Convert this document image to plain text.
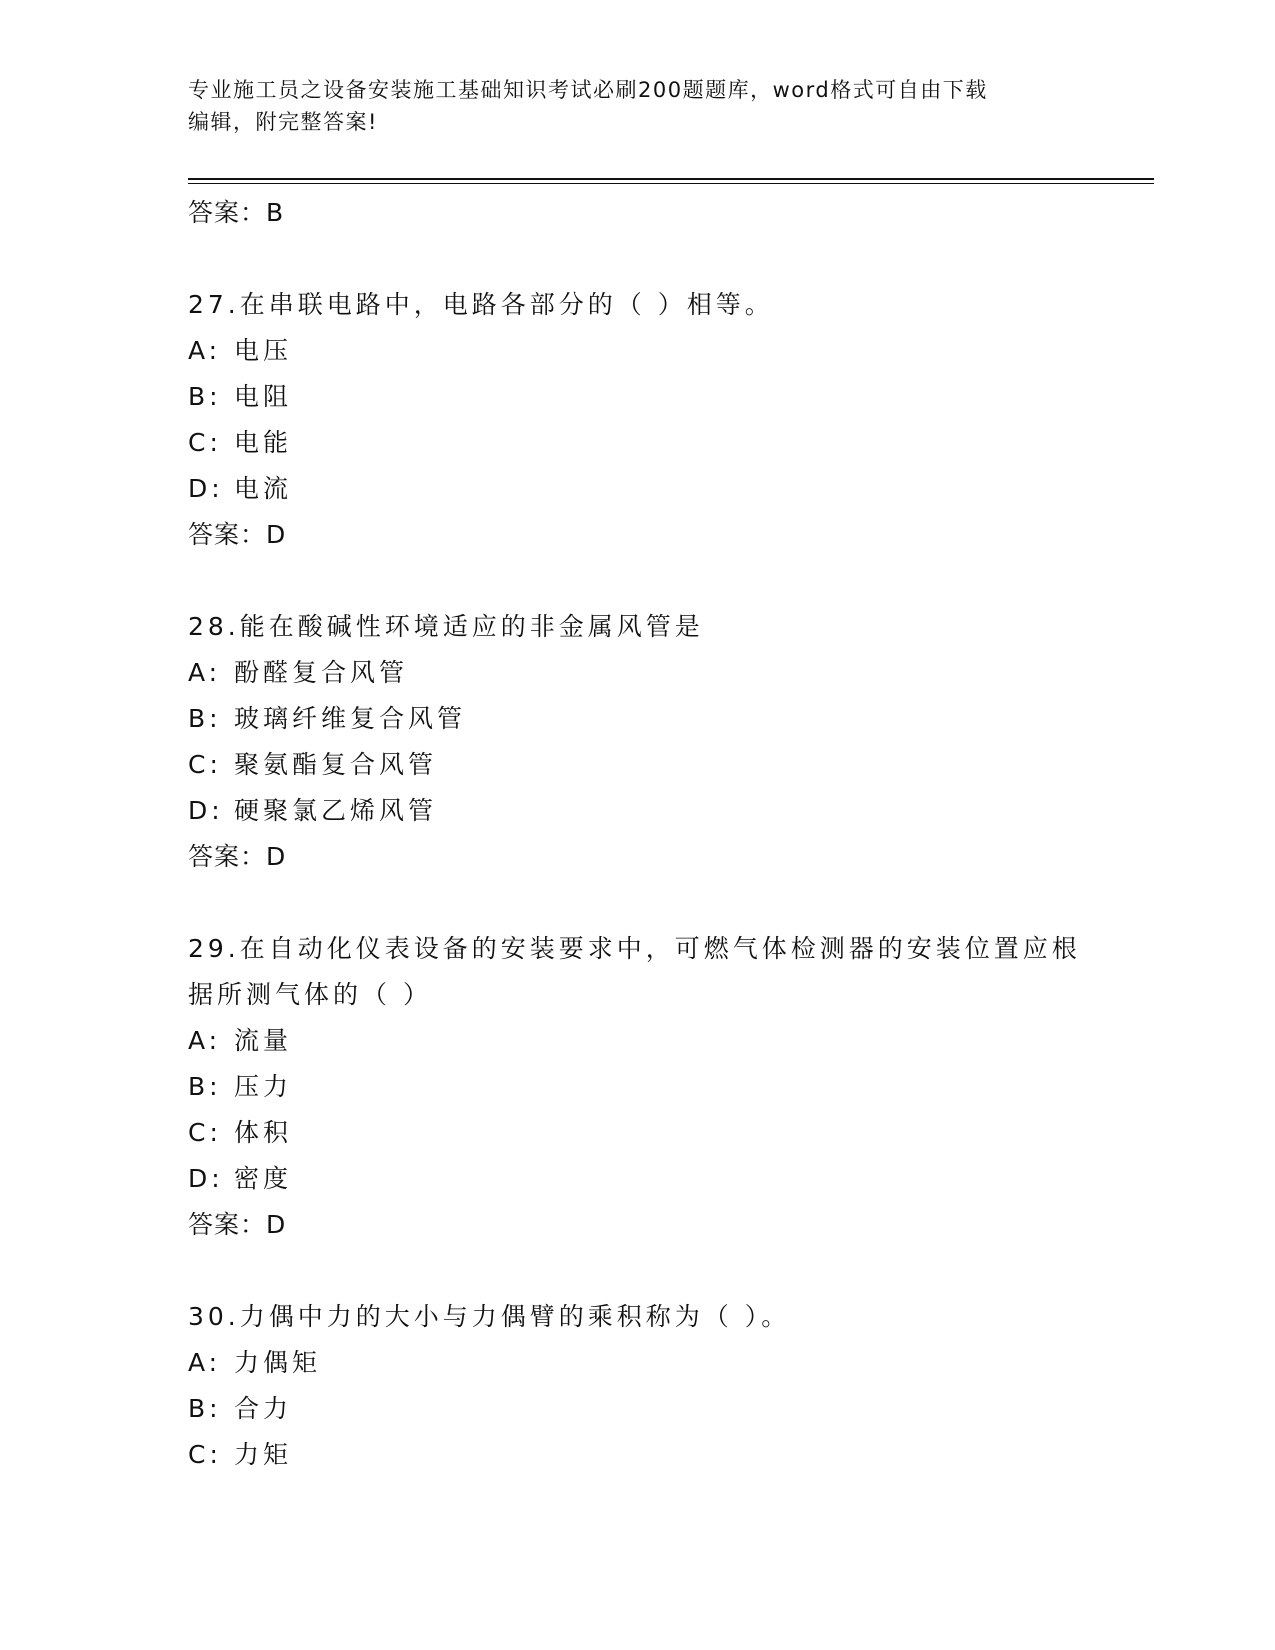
专业施工员之设备安装施工基础知识考试必刷200题题库，word格式可自由下载
编辑，附完整答案!
答案：B
27.在串联电路中，电路各部分的（ ）相等。
A: 电压
B: 电阻
C: 电能
D: 电流
答案：D
28.能在酸碱性环境适应的非金属风管是
A: 酚醛复合风管
B: 玻璃纤维复合风管
C: 聚氨酯复合风管
D: 硬聚氯乙烯风管
答案：D
29.在自动化仪表设备的安装要求中，可燃气体检测器的安装位置应根
据所测气体的（ ）
A: 流量
B: 压力
C: 体积
D: 密度
答案：D
30.力偶中力的大小与力偶臂的乘积称为（ ）。
A: 力偶矩
B: 合力
C: 力矩
